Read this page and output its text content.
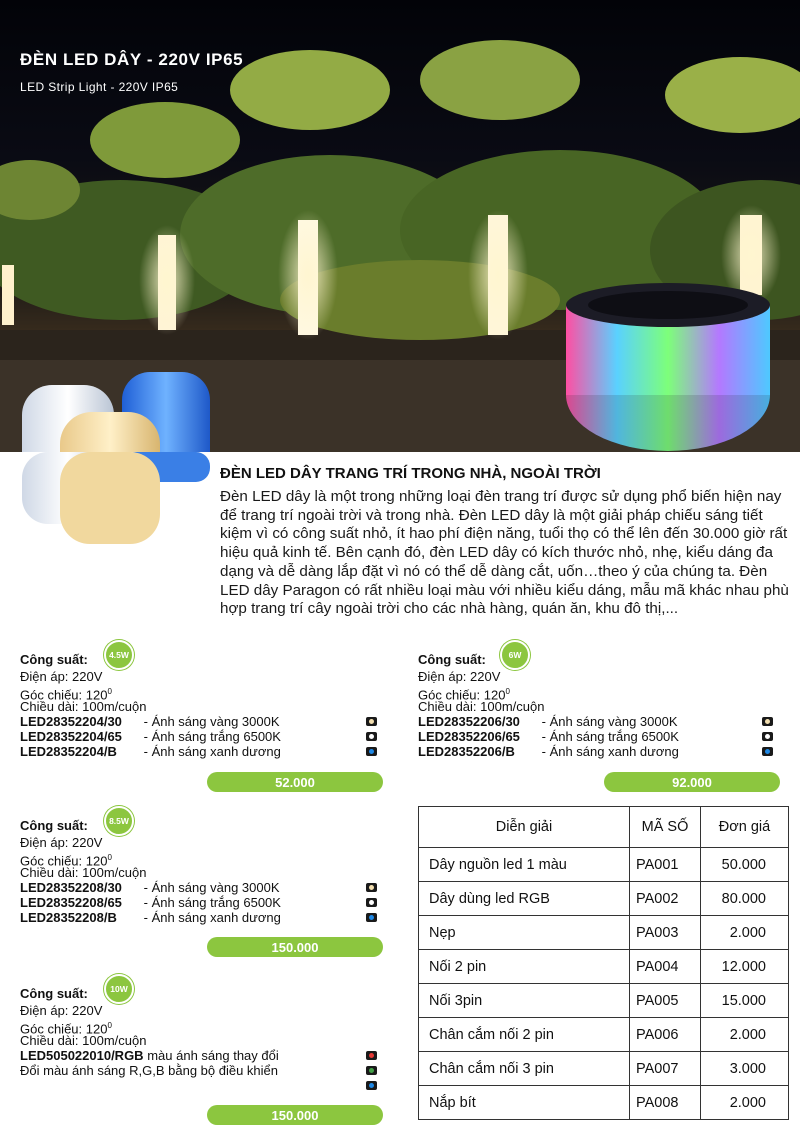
ĐÈN LED DÂY - 220V IP65
LED Strip Light - 220V IP65
ĐÈN LED DÂY TRANG TRÍ TRONG NHÀ, NGOÀI TRỜI

Đèn LED dây là một trong những loại đèn trang trí được sử dụng phổ biến hiện nay để trang trí ngoài trời và trong nhà. Đèn LED dây là một giải pháp chiếu sáng tiết kiệm vì có công suất nhỏ, ít hao phí điện năng, tuổi thọ có thể lên đến 30.000 giờ rất hiệu quả kinh tế. Bên cạnh đó, đèn LED dây có kích thước nhỏ, nhẹ, kiểu dáng đa dạng và dễ dàng lắp đặt vì nó có thể dễ dàng cắt, uốn…theo ý của chúng ta. Đèn LED dây Paragon có rất nhiều loại màu với nhiều kiểu dáng, mẫu mã khác nhau phù hợp trang trí cây ngoài trời cho các nhà hàng, quán ăn, khu đô thị,...

Công suất:	4.5W
Điện áp: 220V
Góc chiếu: $120^0$
Chiều dài: 100m/cuộn
LED28352204/30 - Ánh sáng vàng 3000K
LED28352204/65 - Ánh sáng trắng 6500K
LED28352204/B - Ánh sáng xanh dương
52.000
Công suất:	6W
Điện áp: 220V
Góc chiếu: $120^0$
Chiều dài: 100m/cuộn
LED28352206/30 - Ánh sáng vàng 3000K
LED28352206/65 - Ánh sáng trắng 6500K
LED28352206/B - Ánh sáng xanh dương
92.000
Công suất:	8.5W
Điện áp: 220V
Góc chiếu: $120^0$
Chiều dài: 100m/cuộn
LED28352208/30 - Ánh sáng vàng 3000K
LED28352208/65 - Ánh sáng trắng 6500K
LED28352208/B - Ánh sáng xanh dương
150.000
Công suất:	10W
Điện áp: 220V
Góc chiếu: $120^0$
Chiều dài: 100m/cuộn
LED505022010/RGB màu ánh sáng thay đổi
Đổi màu ánh sáng R,G,B bằng bộ điều khiển
150.000
Diễn giải	MÃ SỐ	Đơn giá
Dây nguồn led 1 màu	PA001	50.000
Dây dùng led RGB	PA002	80.000
Nẹp	PA003	2.000
Nối 2 pin	PA004	12.000
Nối 3pin	PA005	15.000
Chân cắm nối 2 pin	PA006	2.000
Chân cắm nối 3 pin	PA007	3.000
Nắp bít	PA008	2.000
